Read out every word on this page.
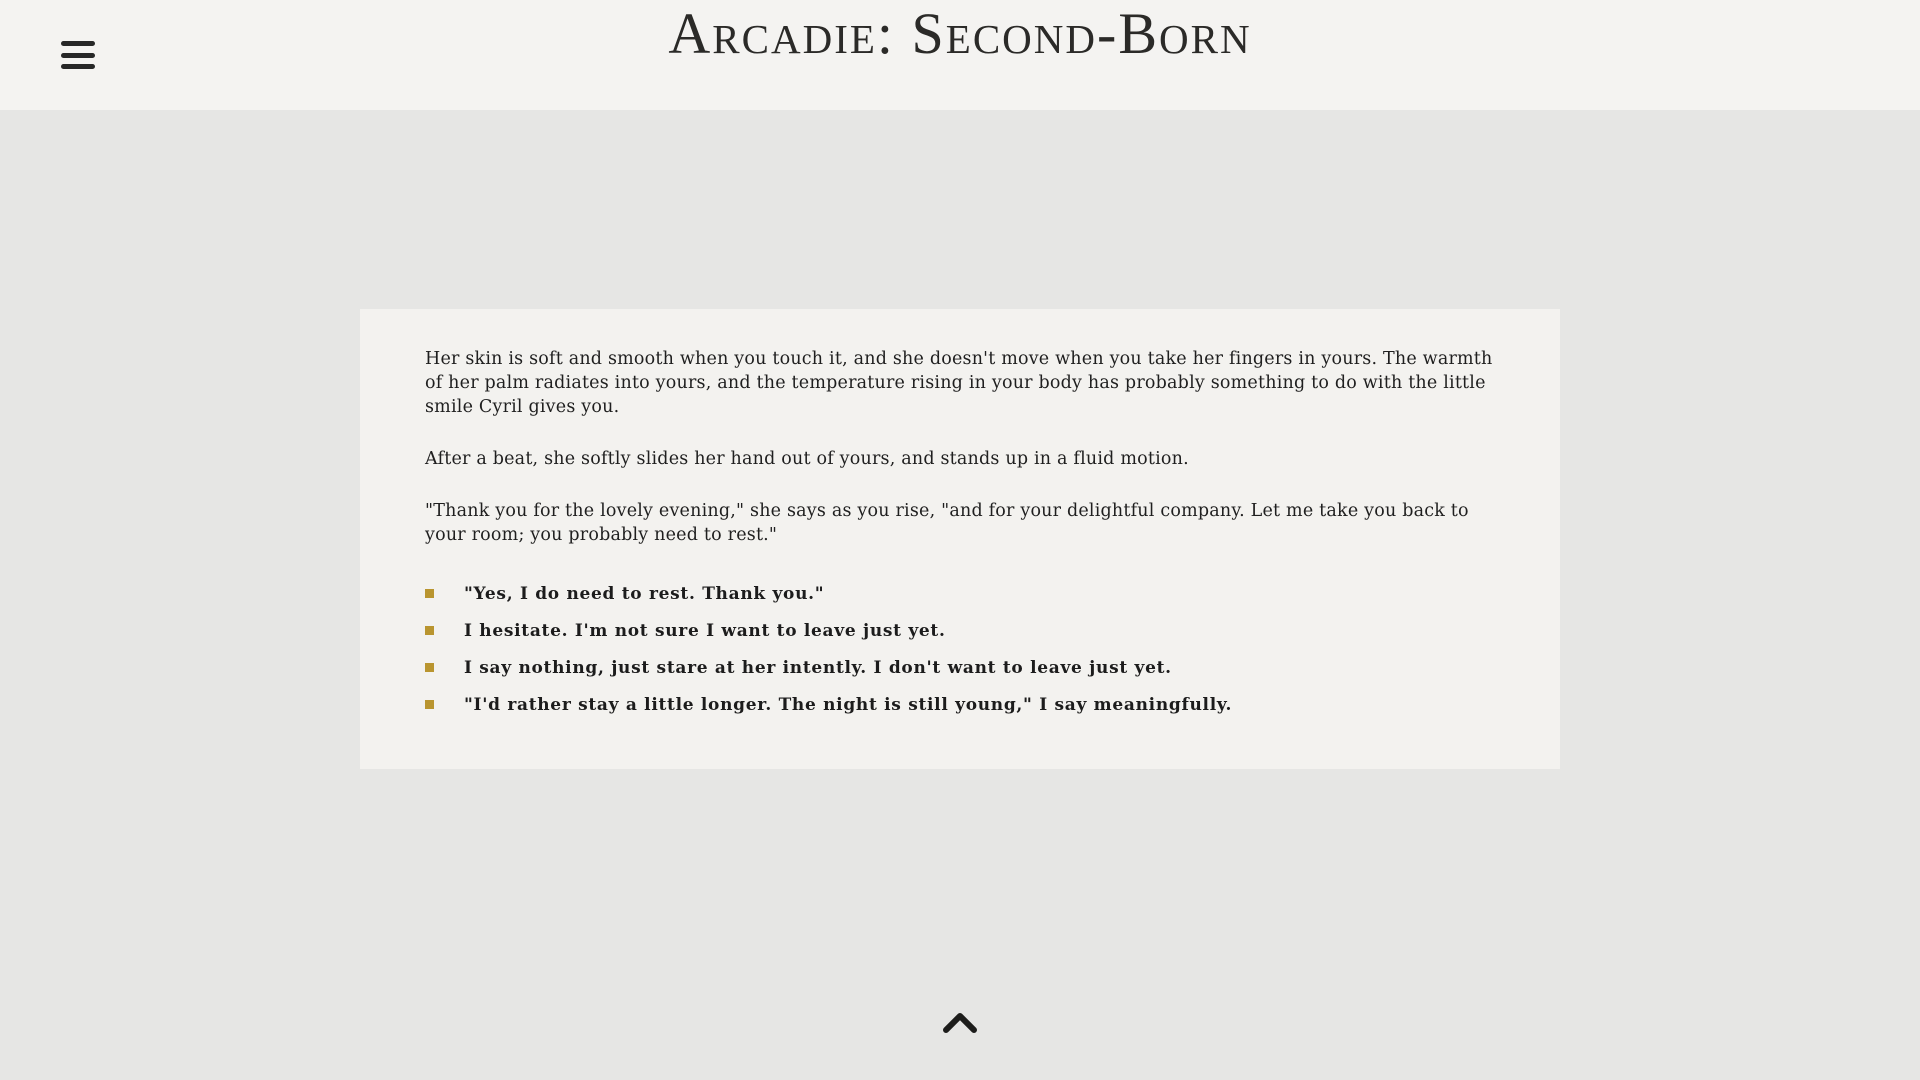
Arcadie: Second-Born

Her skin is soft and smooth when you touch it, and she doesn't move when you take her fingers in yours. The warmth of her palm radiates into yours, and the temperature rising in your body has probably something to do with the little smile Cyril gives you.

After a beat, she softly slides her hand out of yours, and stands up in a fluid motion.

"Thank you for the lovely evening," she says as you rise, "and for your delightful company. Let me take you back to your room; you probably need to rest."

"Yes, I do need to rest. Thank you."
I hesitate. I'm not sure I want to leave just yet.
I say nothing, just stare at her intently. I don't want to leave just yet.
"I'd rather stay a little longer. The night is still young," I say meaningfully.
